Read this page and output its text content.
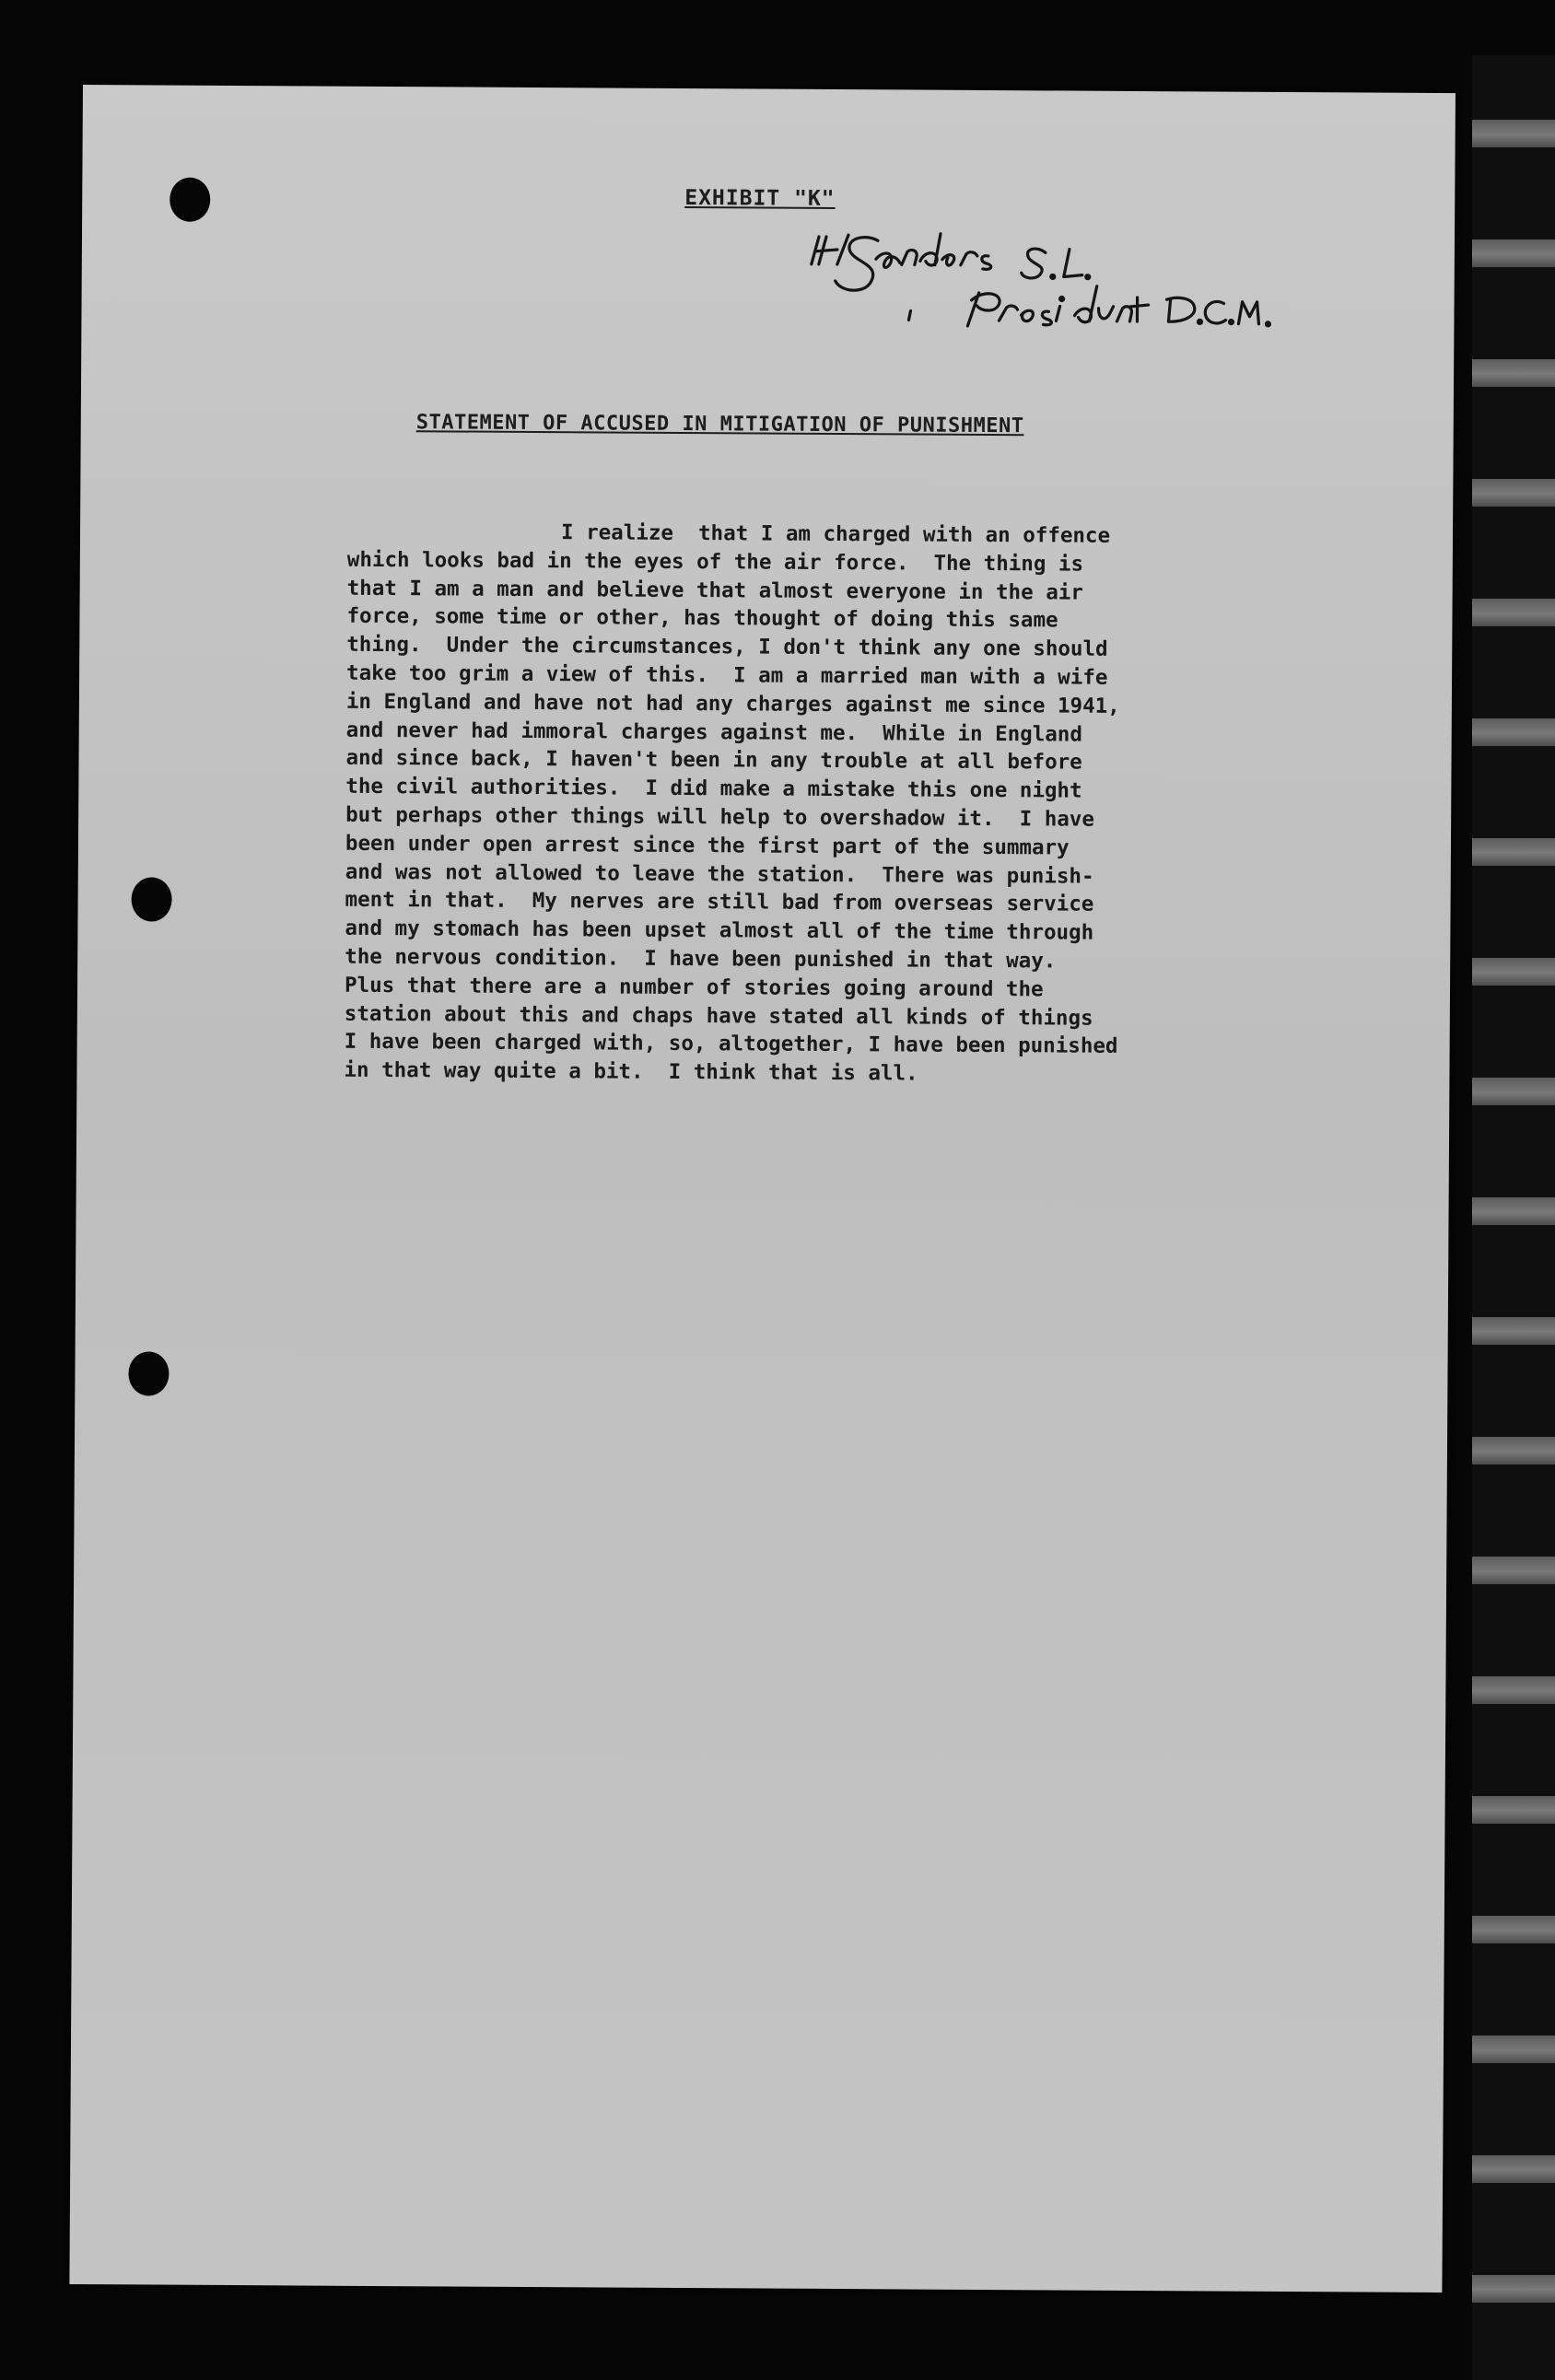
EXHIBIT "K"
STATEMENT OF ACCUSED IN MITIGATION OF PUNISHMENT
I realize  that I am charged with an offence
which looks bad in the eyes of the air force.  The thing is
that I am a man and believe that almost everyone in the air
force, some time or other, has thought of doing this same
thing.  Under the circumstances, I don't think any one should
take too grim a view of this.  I am a married man with a wife
in England and have not had any charges against me since 1941,
and never had immoral charges against me.  While in England
and since back, I haven't been in any trouble at all before
the civil authorities.  I did make a mistake this one night
but perhaps other things will help to overshadow it.  I have
been under open arrest since the first part of the summary
and was not allowed to leave the station.  There was punish-
ment in that.  My nerves are still bad from overseas service
and my stomach has been upset almost all of the time through
the nervous condition.  I have been punished in that way.
Plus that there are a number of stories going around the
station about this and chaps have stated all kinds of things
I have been charged with, so, altogether, I have been punished
in that way quite a bit.  I think that is all.
